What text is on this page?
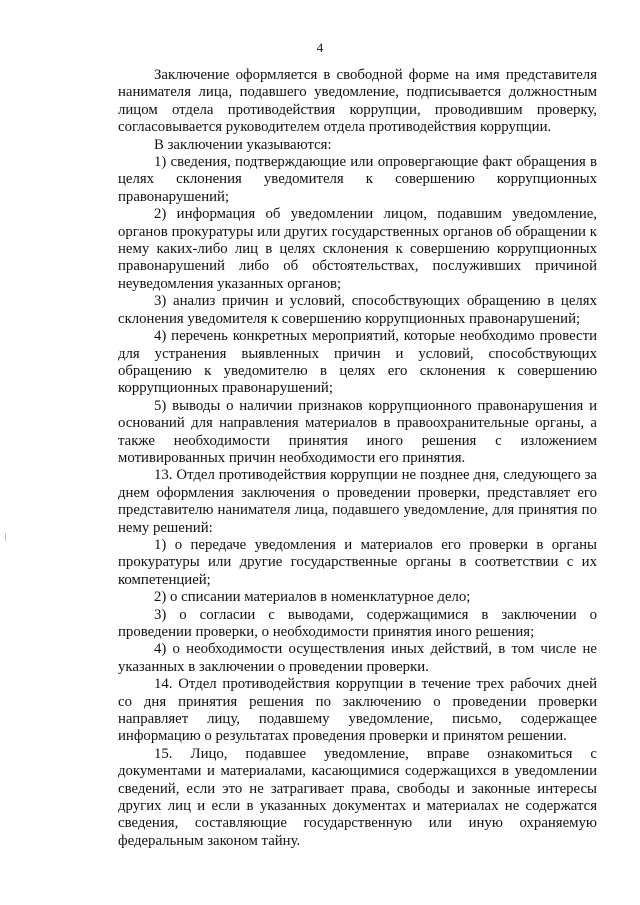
4

Заключение оформляется в свободной форме на имя представителя нанимателя лица, подавшего уведомление, подписывается должностным лицом отдела противодействия коррупции, проводившим проверку, согласовывается руководителем отдела противодействия коррупции.

В заключении указываются:

1) сведения, подтверждающие или опровергающие факт обращения в целях склонения уведомителя к совершению коррупционных правонарушений;

2) информация об уведомлении лицом, подавшим уведомление, органов прокуратуры или других государственных органов об обращении к нему каких-либо лиц в целях склонения к совершению коррупционных правонарушений либо об обстоятельствах, послуживших причиной неуведомления указанных органов;

3) анализ причин и условий, способствующих обращению в целях склонения уведомителя к совершению коррупционных правонарушений;

4) перечень конкретных мероприятий, которые необходимо провести для устранения выявленных причин и условий, способствующих обращению к уведомителю в целях его склонения к совершению коррупционных правонарушений;

5) выводы о наличии признаков коррупционного правонарушения и оснований для направления материалов в правоохранительные органы, а также необходимости принятия иного решения с изложением мотивированных причин необходимости его принятия.

13. Отдел противодействия коррупции не позднее дня, следующего за днем оформления заключения о проведении проверки, представляет его представителю нанимателя лица, подавшего уведомление, для принятия по нему решений:

1) о передаче уведомления и материалов его проверки в органы прокуратуры или другие государственные органы в соответствии с их компетенцией;

2) о списании материалов в номенклатурное дело;

3) о согласии с выводами, содержащимися в заключении о проведении проверки, о необходимости принятия иного решения;

4) о необходимости осуществления иных действий, в том числе не указанных в заключении о проведении проверки.

14. Отдел противодействия коррупции в течение трех рабочих дней со дня принятия решения по заключению о проведении проверки направляет лицу, подавшему уведомление, письмо, содержащее информацию о результатах проведения проверки и принятом решении.

15. Лицо, подавшее уведомление, вправе ознакомиться с документами и материалами, касающимися содержащихся в уведомлении сведений, если это не затрагивает права, свободы и законные интересы других лиц и если в указанных документах и материалах не содержатся сведения, составляющие государственную или иную охраняемую федеральным законом тайну.
